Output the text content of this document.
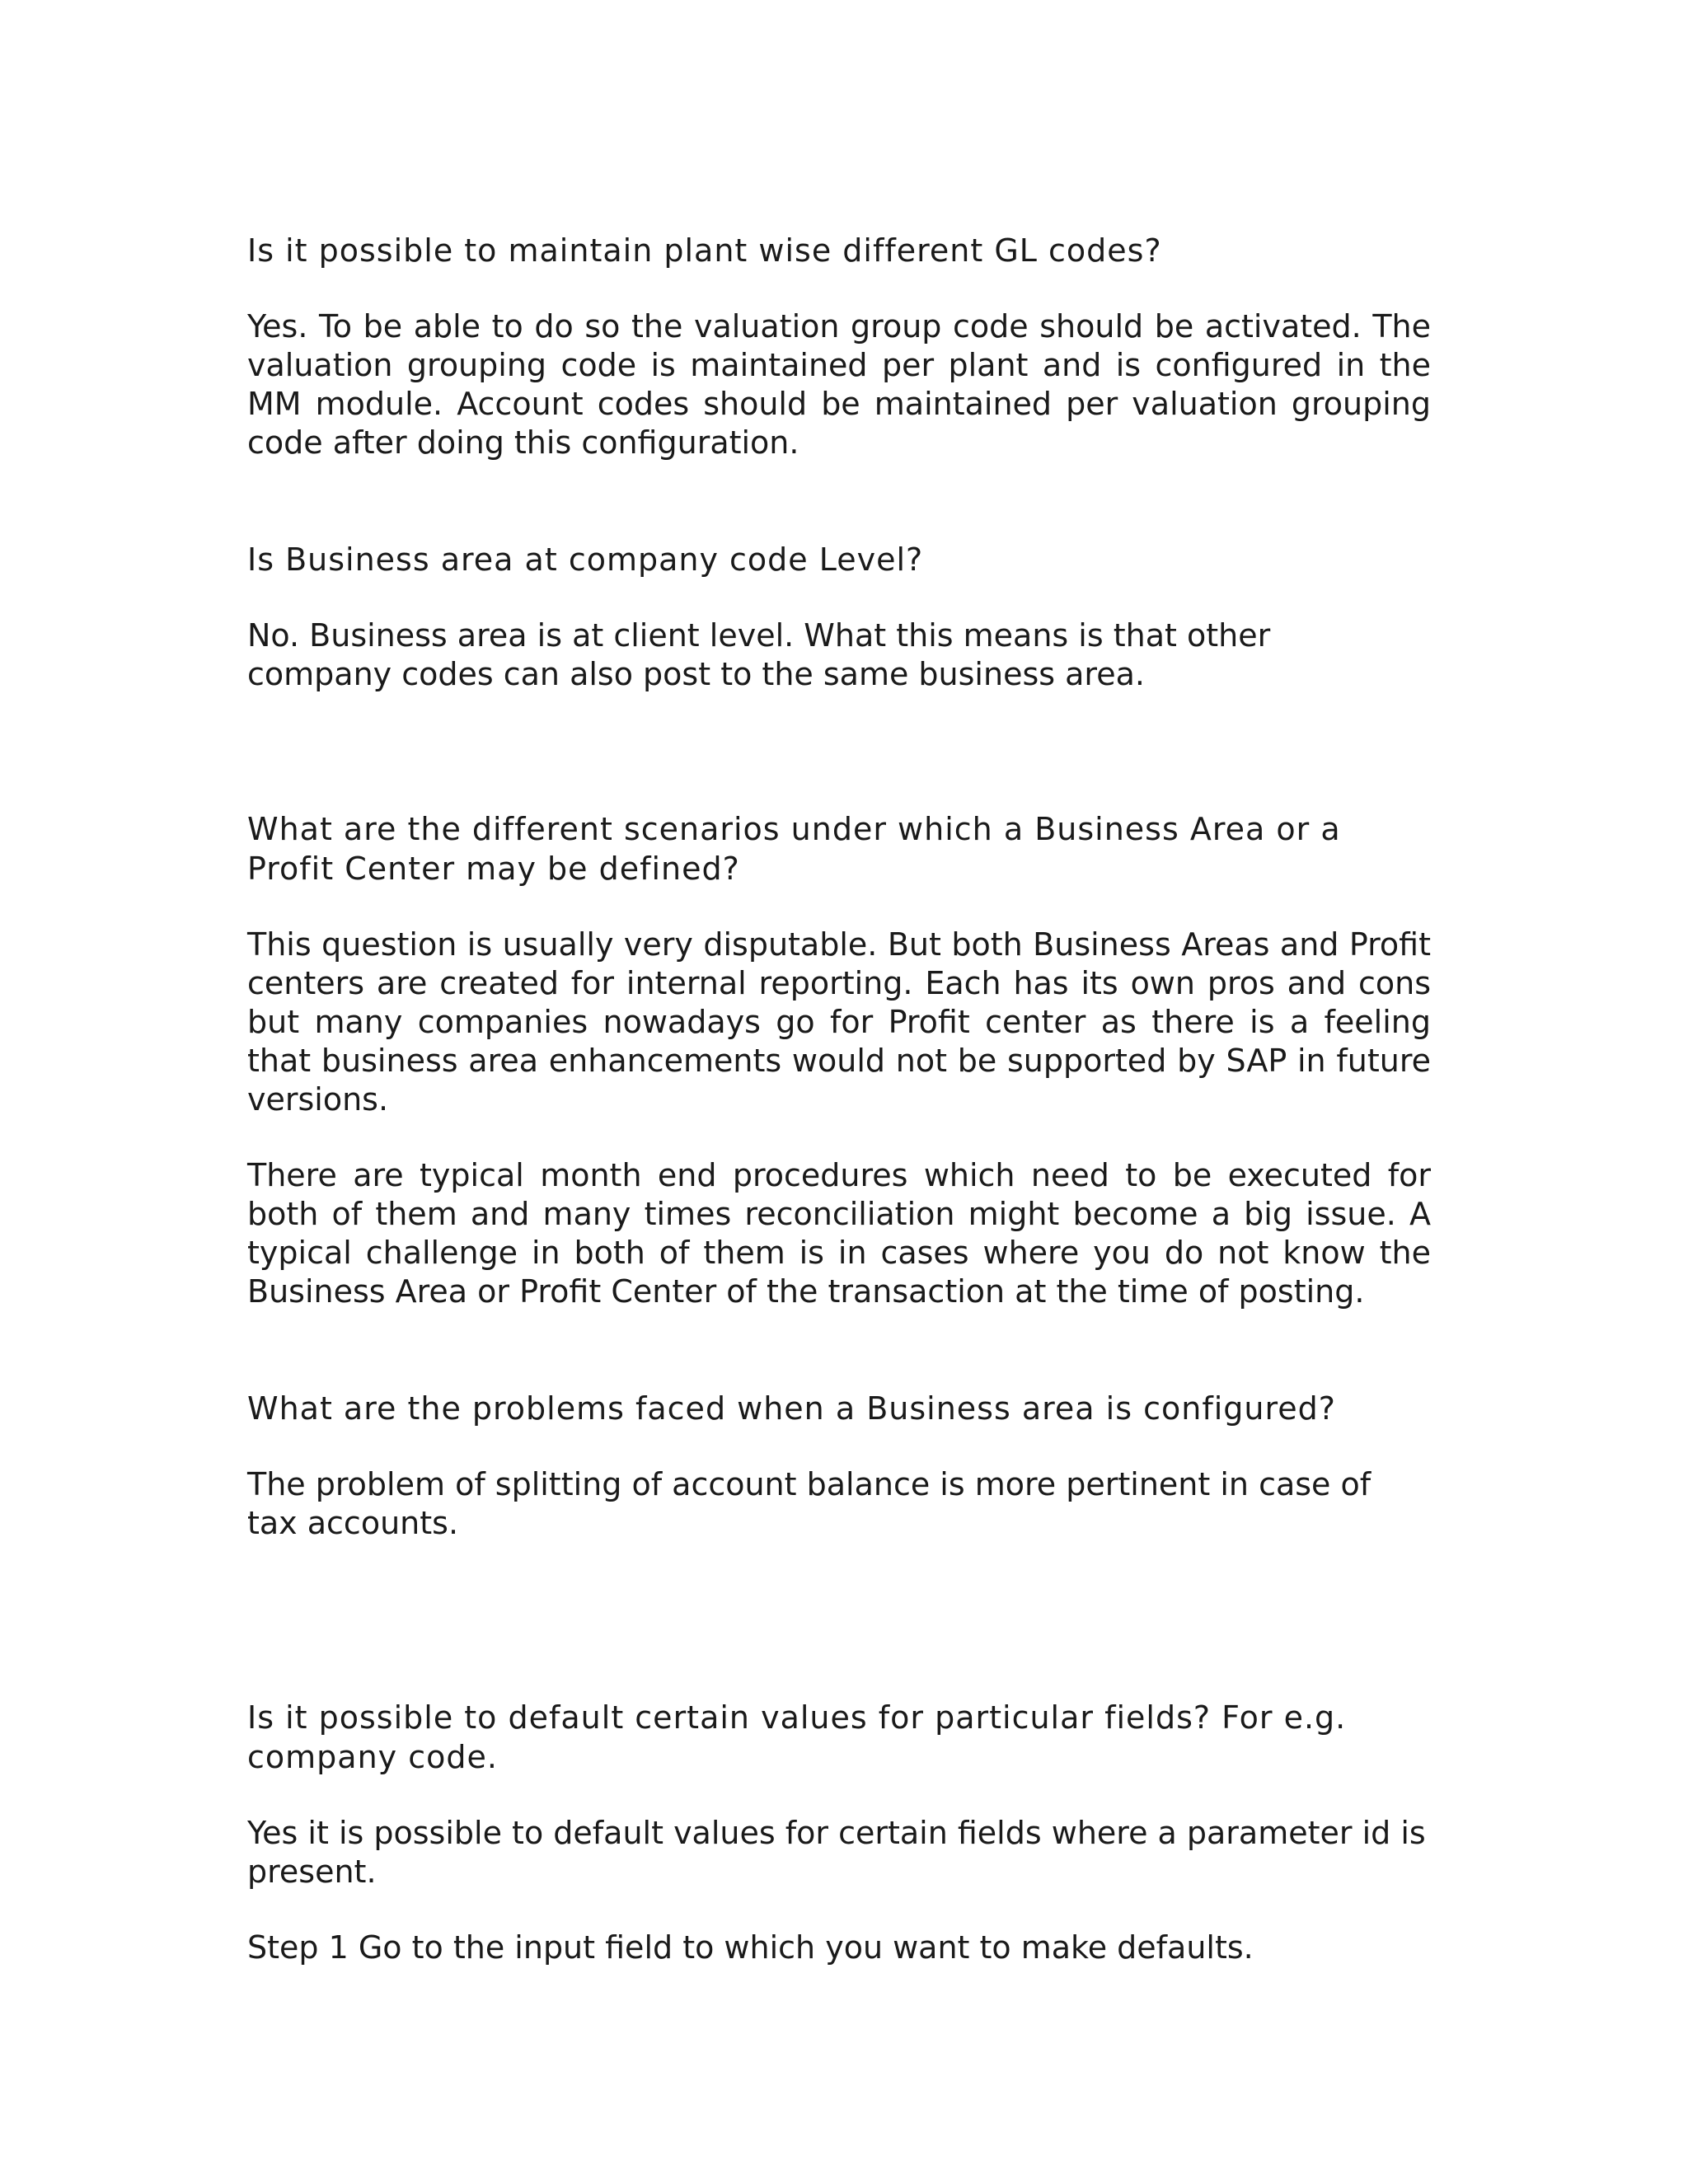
Is it possible to maintain plant wise different GL codes?

Yes. To be able to do so the valuation group code should be activated. The valuation grouping code is maintained per plant and is configured in the MM module. Account codes should be maintained per valuation grouping code after doing this configuration.

Is Business area at company code Level?

No. Business area is at client level. What this means is that other company codes can also post to the same business area.

What are the different scenarios under which a Business Area or a Profit Center may be defined?

This question is usually very disputable. But both Business Areas and Profit centers are created for internal reporting. Each has its own pros and cons but many companies nowadays go for Profit center as there is a feeling that business area enhancements would not be supported by SAP in future versions.

There are typical month end procedures which need to be executed for both of them and many times reconciliation might become a big issue. A typical challenge in both of them is in cases where you do not know the Business Area or Profit Center of the transaction at the time of posting.

What are the problems faced when a Business area is configured?

The problem of splitting of account balance is more pertinent in case of tax accounts.

Is it possible to default certain values for particular fields? For e.g. company code.

Yes it is possible to default values for certain fields where a parameter id is present.

Step 1 Go to the input field to which you want to make defaults.
